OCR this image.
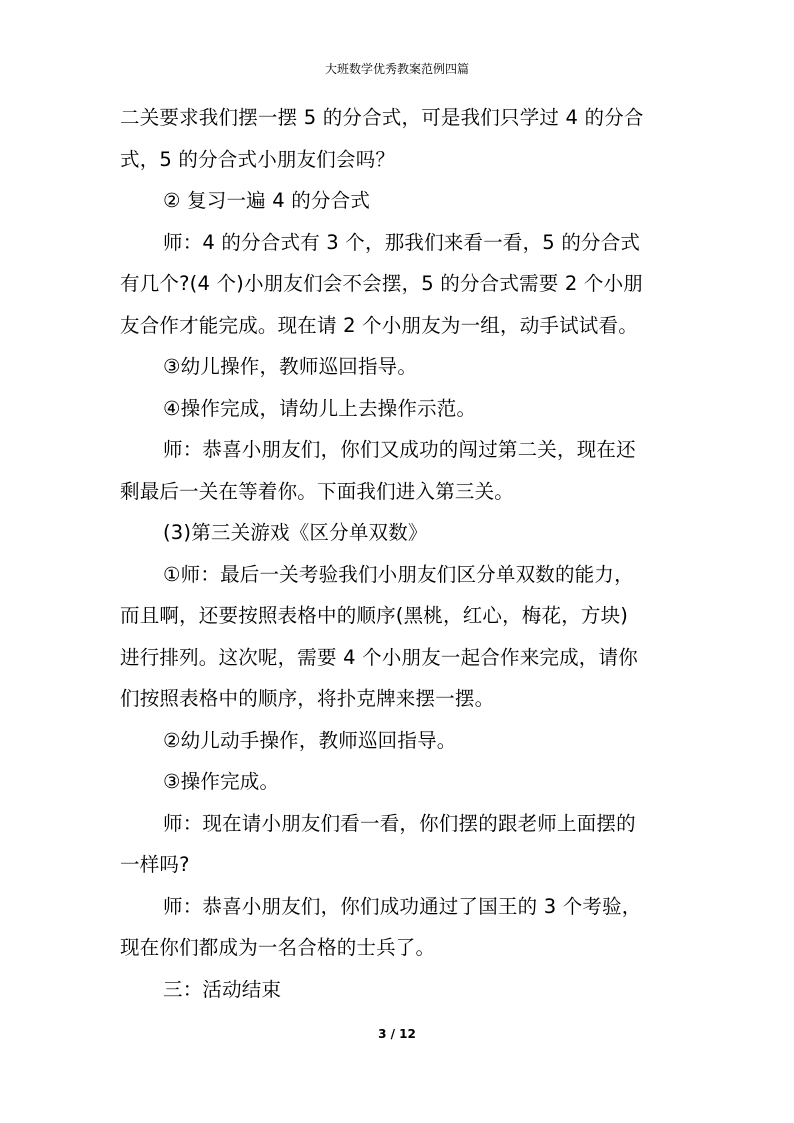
大班数学优秀教案范例四篇

二关要求我们摆一摆 5 的分合式，可是我们只学过 4 的分合

式，5 的分合式小朋友们会吗？

② 复习一遍 4 的分合式

师：4 的分合式有 3 个，那我们来看一看，5 的分合式

有几个?(4 个)小朋友们会不会摆，5 的分合式需要 2 个小朋

友合作才能完成。现在请 2 个小朋友为一组，动手试试看。

③幼儿操作，教师巡回指导。

④操作完成，请幼儿上去操作示范。

师：恭喜小朋友们，你们又成功的闯过第二关，现在还

剩最后一关在等着你。下面我们进入第三关。

(3)第三关游戏《区分单双数》

①师：最后一关考验我们小朋友们区分单双数的能力，

而且啊，还要按照表格中的顺序(黑桃，红心，梅花，方块)

进行排列。这次呢，需要 4 个小朋友一起合作来完成，请你

们按照表格中的顺序，将扑克牌来摆一摆。

②幼儿动手操作，教师巡回指导。

③操作完成。

师：现在请小朋友们看一看，你们摆的跟老师上面摆的

一样吗?

师：恭喜小朋友们，你们成功通过了国王的 3 个考验，

现在你们都成为一名合格的士兵了。

三：活动结束

3 / 12
